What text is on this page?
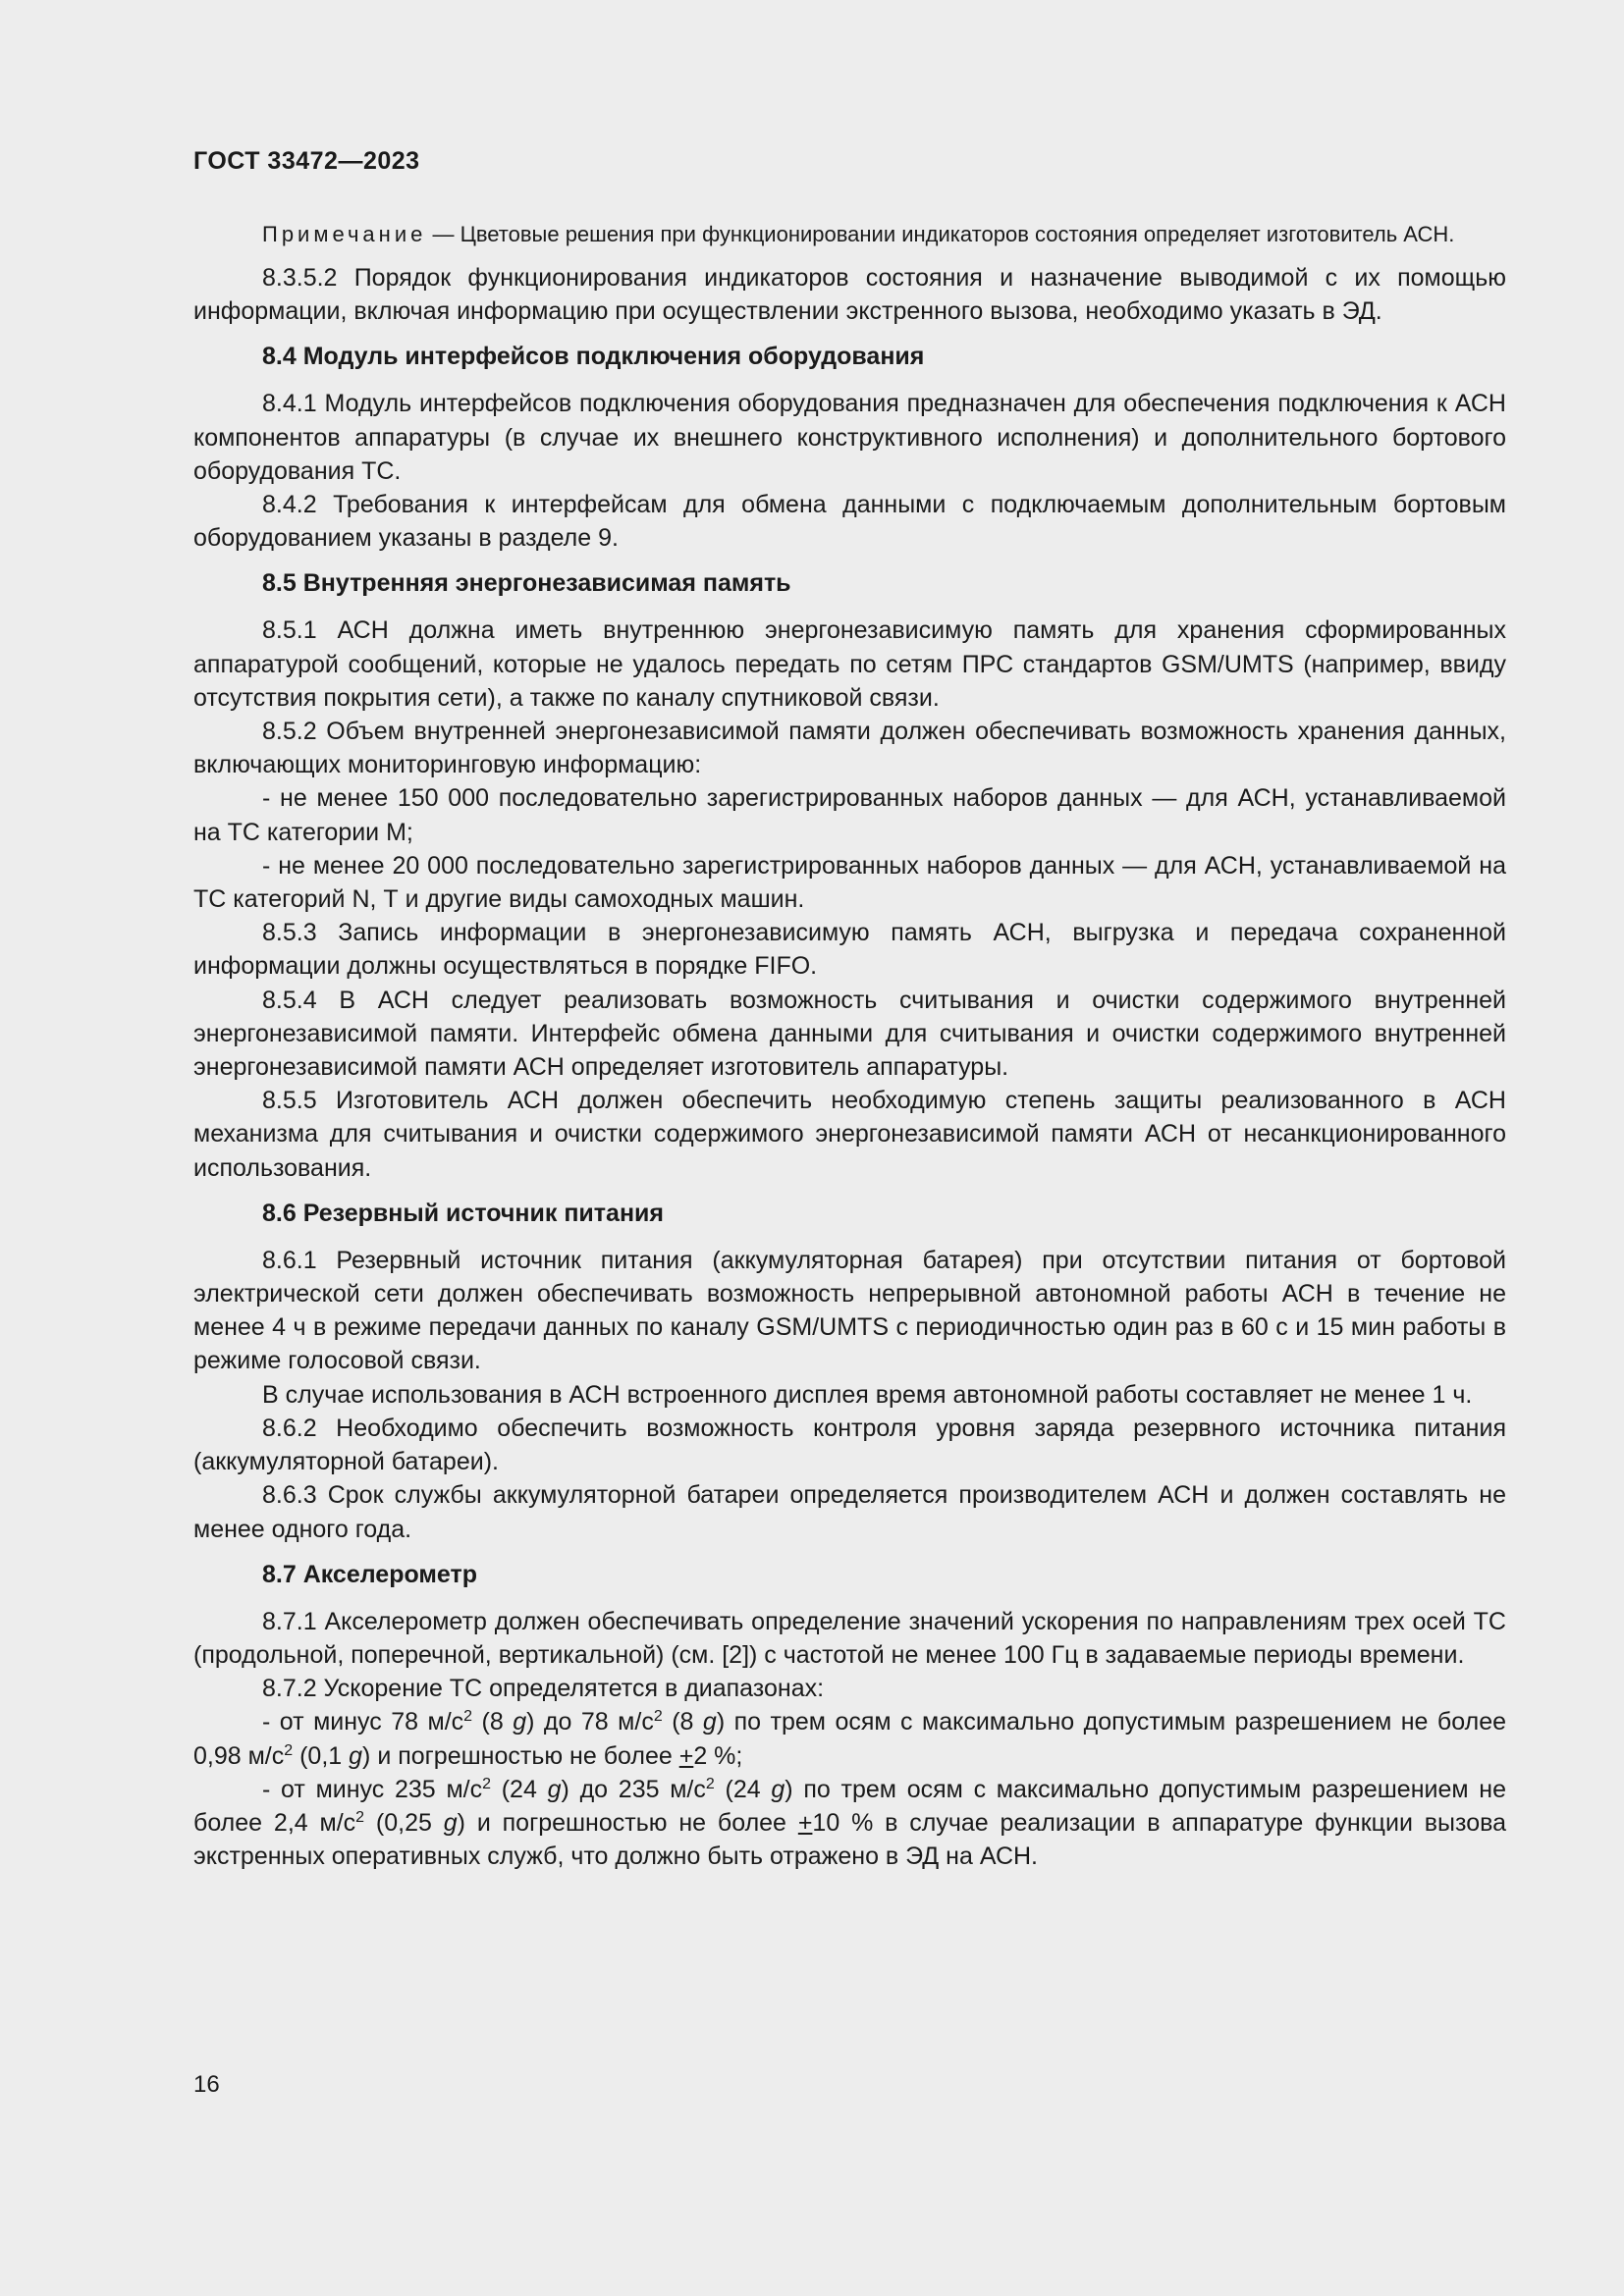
ГОСТ 33472—2023

Примечание — Цветовые решения при функционировании индикаторов состояния определяет изготовитель АСН.

8.3.5.2 Порядок функционирования индикаторов состояния и назначение выводимой с их помощью информации, включая информацию при осуществлении экстренного вызова, необходимо указать в ЭД.

8.4 Модуль интерфейсов подключения оборудования

8.4.1 Модуль интерфейсов подключения оборудования предназначен для обеспечения подключения к АСН компонентов аппаратуры (в случае их внешнего конструктивного исполнения) и дополнительного бортового оборудования ТС.

8.4.2 Требования к интерфейсам для обмена данными с подключаемым дополнительным бортовым оборудованием указаны в разделе 9.

8.5 Внутренняя энергонезависимая память

8.5.1 АСН должна иметь внутреннюю энергонезависимую память для хранения сформированных аппаратурой сообщений, которые не удалось передать по сетям ПРС стандартов GSM/UMTS (например, ввиду отсутствия покрытия сети), а также по каналу спутниковой связи.

8.5.2 Объем внутренней энергонезависимой памяти должен обеспечивать возможность хранения данных, включающих мониторинговую информацию:

- не менее 150 000 последовательно зарегистрированных наборов данных — для АСН, устанавливаемой на ТС категории М;

- не менее 20 000 последовательно зарегистрированных наборов данных — для АСН, устанавливаемой на ТС категорий N, Т и другие виды самоходных машин.

8.5.3 Запись информации в энергонезависимую память АСН, выгрузка и передача сохраненной информации должны осуществляться в порядке FIFO.

8.5.4 В АСН следует реализовать возможность считывания и очистки содержимого внутренней энергонезависимой памяти. Интерфейс обмена данными для считывания и очистки содержимого внутренней энергонезависимой памяти АСН определяет изготовитель аппаратуры.

8.5.5 Изготовитель АСН должен обеспечить необходимую степень защиты реализованного в АСН механизма для считывания и очистки содержимого энергонезависимой памяти АСН от несанкционированного использования.

8.6 Резервный источник питания

8.6.1 Резервный источник питания (аккумуляторная батарея) при отсутствии питания от бортовой электрической сети должен обеспечивать возможность непрерывной автономной работы АСН в течение не менее 4 ч в режиме передачи данных по каналу GSM/UMTS с периодичностью один раз в 60 с и 15 мин работы в режиме голосовой связи.

В случае использования в АСН встроенного дисплея время автономной работы составляет не менее 1 ч.

8.6.2 Необходимо обеспечить возможность контроля уровня заряда резервного источника питания (аккумуляторной батареи).

8.6.3 Срок службы аккумуляторной батареи определяется производителем АСН и должен составлять не менее одного года.

8.7 Акселерометр

8.7.1 Акселерометр должен обеспечивать определение значений ускорения по направлениям трех осей ТС (продольной, поперечной, вертикальной) (см. [2]) с частотой не менее 100 Гц в задаваемые периоды времени.

8.7.2 Ускорение ТС определятется в диапазонах:

- от минус 78 $м/с^2$ (8 g) до 78 $м/с^2$ (8 g) по трем осям с максимально допустимым разрешением не более 0,98 $м/с^2$ (0,1 g) и погрешностью не более +2 %;

- от минус 235 $м/с^2$ (24 g) до 235 $м/с^2$ (24 g) по трем осям с максимально допустимым разрешением не более 2,4 $м/с^2$ (0,25 g) и погрешностью не более +10 % в случае реализации в аппаратуре функции вызова экстренных оперативных служб, что должно быть отражено в ЭД на АСН.

16
